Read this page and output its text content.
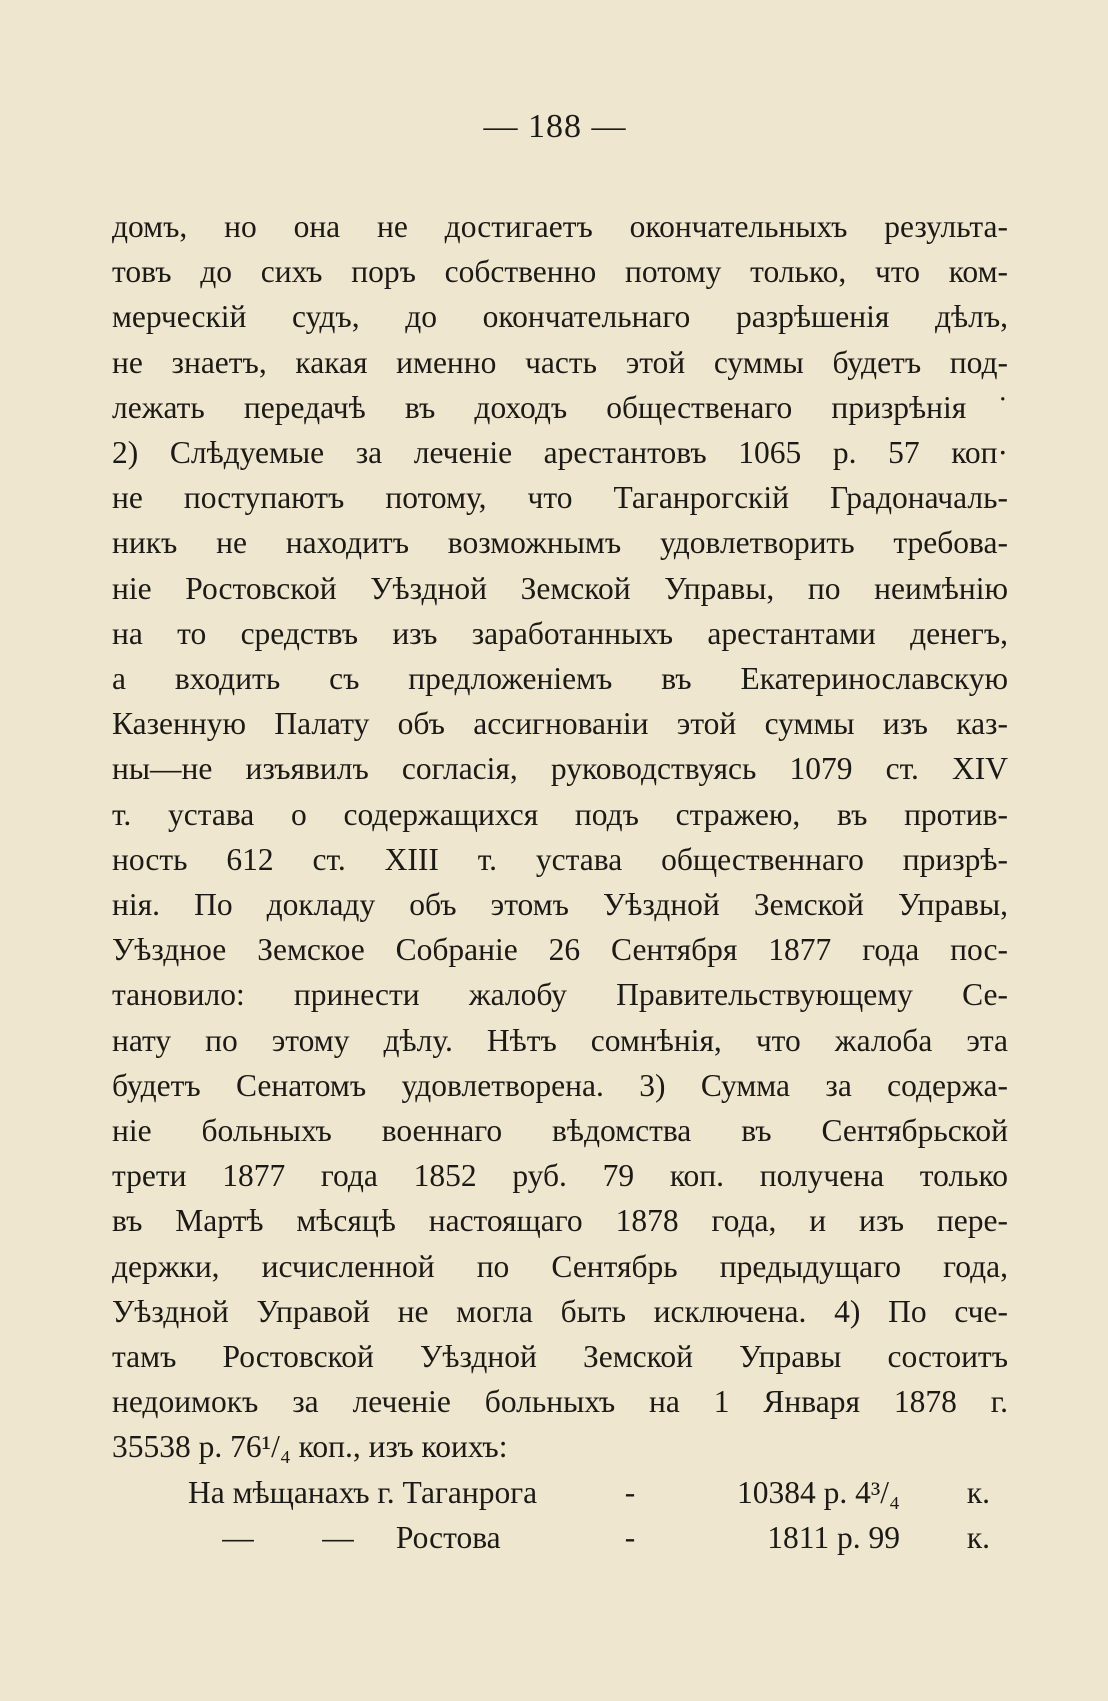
— 188 —
домъ, но она не достигаетъ окончательныхъ результа-
товъ до сихъ поръ собственно потому только, что ком-
мерческій судъ, до окончательнаго разрѣшенія дѣлъ,
не знаетъ, какая именно часть этой суммы будетъ под-
лежать передачѣ въ доходъ общественаго призрѣнія˙
2) Слѣдуемые за леченіе арестантовъ 1065 р. 57 коп·
не поступаютъ потому, что Таганрогскій Градоначаль-
никъ не находитъ возможнымъ удовлетворить требова-
ніе Ростовской Уѣздной Земской Управы, по неимѣнію
на то средствъ изъ заработанныхъ арестантами денегъ,
а входить съ предложеніемъ въ Екатеринославскую
Казенную Палату объ ассигнованіи этой суммы изъ каз-
ны—не изъявилъ согласія, руководствуясь 1079 ст. XIV
т. устава о содержащихся подъ стражею, въ против-
ность 612 ст. XIII т. устава общественнаго призрѣ-
нія. По докладу объ этомъ Уѣздной Земской Управы,
Уѣздное Земское Собраніе 26 Сентября 1877 года пос-
тановило: принести жалобу Правительствующему Се-
нату по этому дѣлу. Нѣтъ сомнѣнія, что жалоба эта
будетъ Сенатомъ удовлетворена. 3) Сумма за содержа-
ніе больныхъ военнаго вѣдомства въ Сентябрьской
трети 1877 года 1852 руб. 79 коп. получена только
въ Мартѣ мѣсяцѣ настоящаго 1878 года, и изъ пере-
держки, исчисленной по Сентябрь предыдущаго года,
Уѣздной Управой не могла быть исключена. 4) По сче-
тамъ Ростовской Уѣздной Земской Управы состоитъ
недоимокъ за леченіе больныхъ на 1 Января 1878 г.
35538 р. 76¹/₄ коп., изъ коихъ:
На мѣщанахъ г. Таганрога	-	10384 р. 4³/₄	к.
— — Ростова	-	1811 р. 99	к.
